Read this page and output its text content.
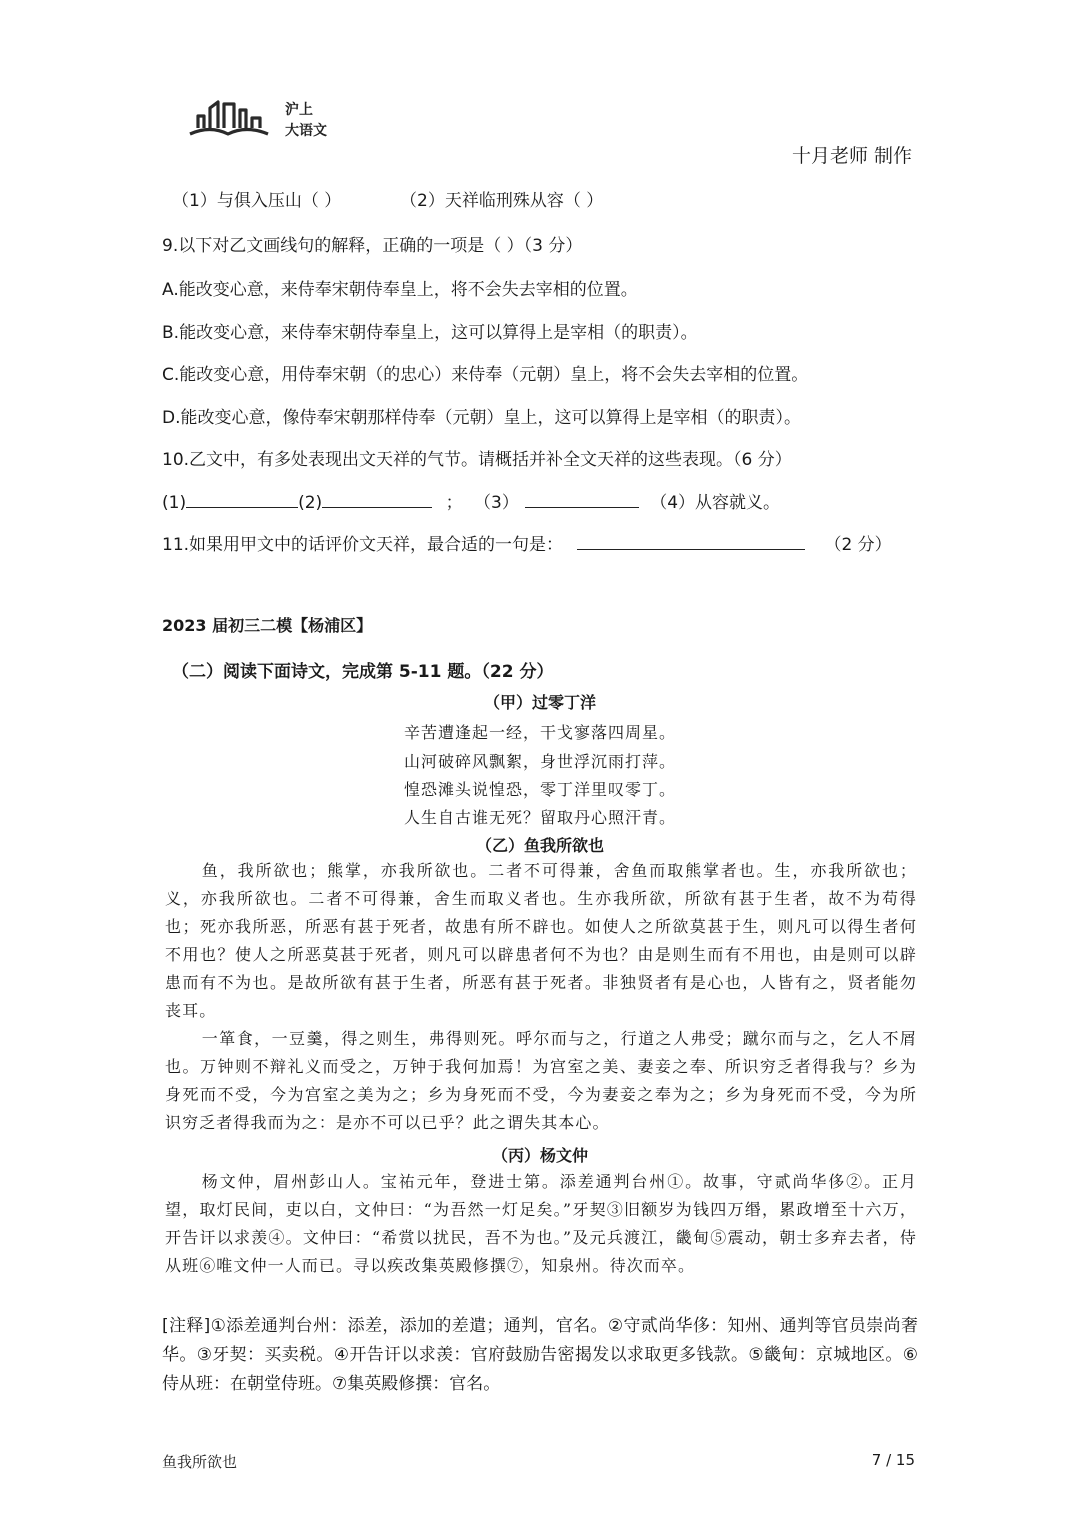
沪上
大语文
十月老师 制作
（1）与俱入压山（ ）	（2）天祥临刑殊从容（ ）
9.以下对乙文画线句的解释，正确的一项是（ ）（3 分）
A.能改变心意，来侍奉宋朝侍奉皇上，将不会失去宰相的位置。
B.能改变心意，来侍奉宋朝侍奉皇上，这可以算得上是宰相（的职责）。
C.能改变心意，用侍奉宋朝（的忠心）来侍奉（元朝）皇上，将不会失去宰相的位置。
D.能改变心意，像侍奉宋朝那样侍奉（元朝）皇上，这可以算得上是宰相（的职责）。
10.乙文中，有多处表现出文天祥的气节。请概括并补全文天祥的这些表现。（6 分）
(1)	(2)	； （3）	（4）从容就义。
11.如果用甲文中的话评价文天祥，最合适的一句是：	（2 分）
2023 届初三二模【杨浦区】
（二）阅读下面诗文，完成第 5-11 题。（22 分）
（甲）过零丁洋
辛苦遭逢起一经，干戈寥落四周星。
山河破碎风飘絮，身世浮沉雨打萍。
惶恐滩头说惶恐，零丁洋里叹零丁。
人生自古谁无死？留取丹心照汗青。
（乙）鱼我所欲也

鱼，我所欲也；熊掌，亦我所欲也。二者不可得兼，舍鱼而取熊掌者也。生，亦我所欲也；义，亦我所欲也。二者不可得兼，舍生而取义者也。生亦我所欲，所欲有甚于生者，故不为苟得也；死亦我所恶，所恶有甚于死者，故患有所不辟也。如使人之所欲莫甚于生，则凡可以得生者何不用也？使人之所恶莫甚于死者，则凡可以辟患者何不为也？由是则生而有不用也，由是则可以辟患而有不为也。是故所欲有甚于生者，所恶有甚于死者。非独贤者有是心也，人皆有之，贤者能勿丧耳。

一箪食，一豆羹，得之则生，弗得则死。呼尔而与之，行道之人弗受；蹴尔而与之，乞人不屑也。万钟则不辩礼义而受之，万钟于我何加焉！为宫室之美、妻妾之奉、所识穷乏者得我与？乡为身死而不受，今为宫室之美为之；乡为身死而不受，今为妻妾之奉为之；乡为身死而不受，今为所识穷乏者得我而为之：是亦不可以已乎？此之谓失其本心。

（丙）杨文仲

杨文仲，眉州彭山人。宝祐元年，登进士第。添差通判台州①。故事，守贰尚华侈②。正月望，取灯民间，吏以白，文仲曰：“为吾然一灯足矣。”牙契③旧额岁为钱四万缗，累政增至十六万，开告讦以求羡④。文仲曰：“希赏以扰民，吾不为也。”及元兵渡江，畿甸⑤震动，朝士多弃去者，侍从班⑥唯文仲一人而已。寻以疾改集英殿修撰⑦，知泉州。待次而卒。

[注释]①添差通判台州：添差，添加的差遣；通判，官名。②守贰尚华侈：知州、通判等官员崇尚奢华。③牙契：买卖税。④开告讦以求羡：官府鼓励告密揭发以求取更多钱款。⑤畿甸：京城地区。⑥侍从班：在朝堂侍班。⑦集英殿修撰：官名。
鱼我所欲也	7 / 15
